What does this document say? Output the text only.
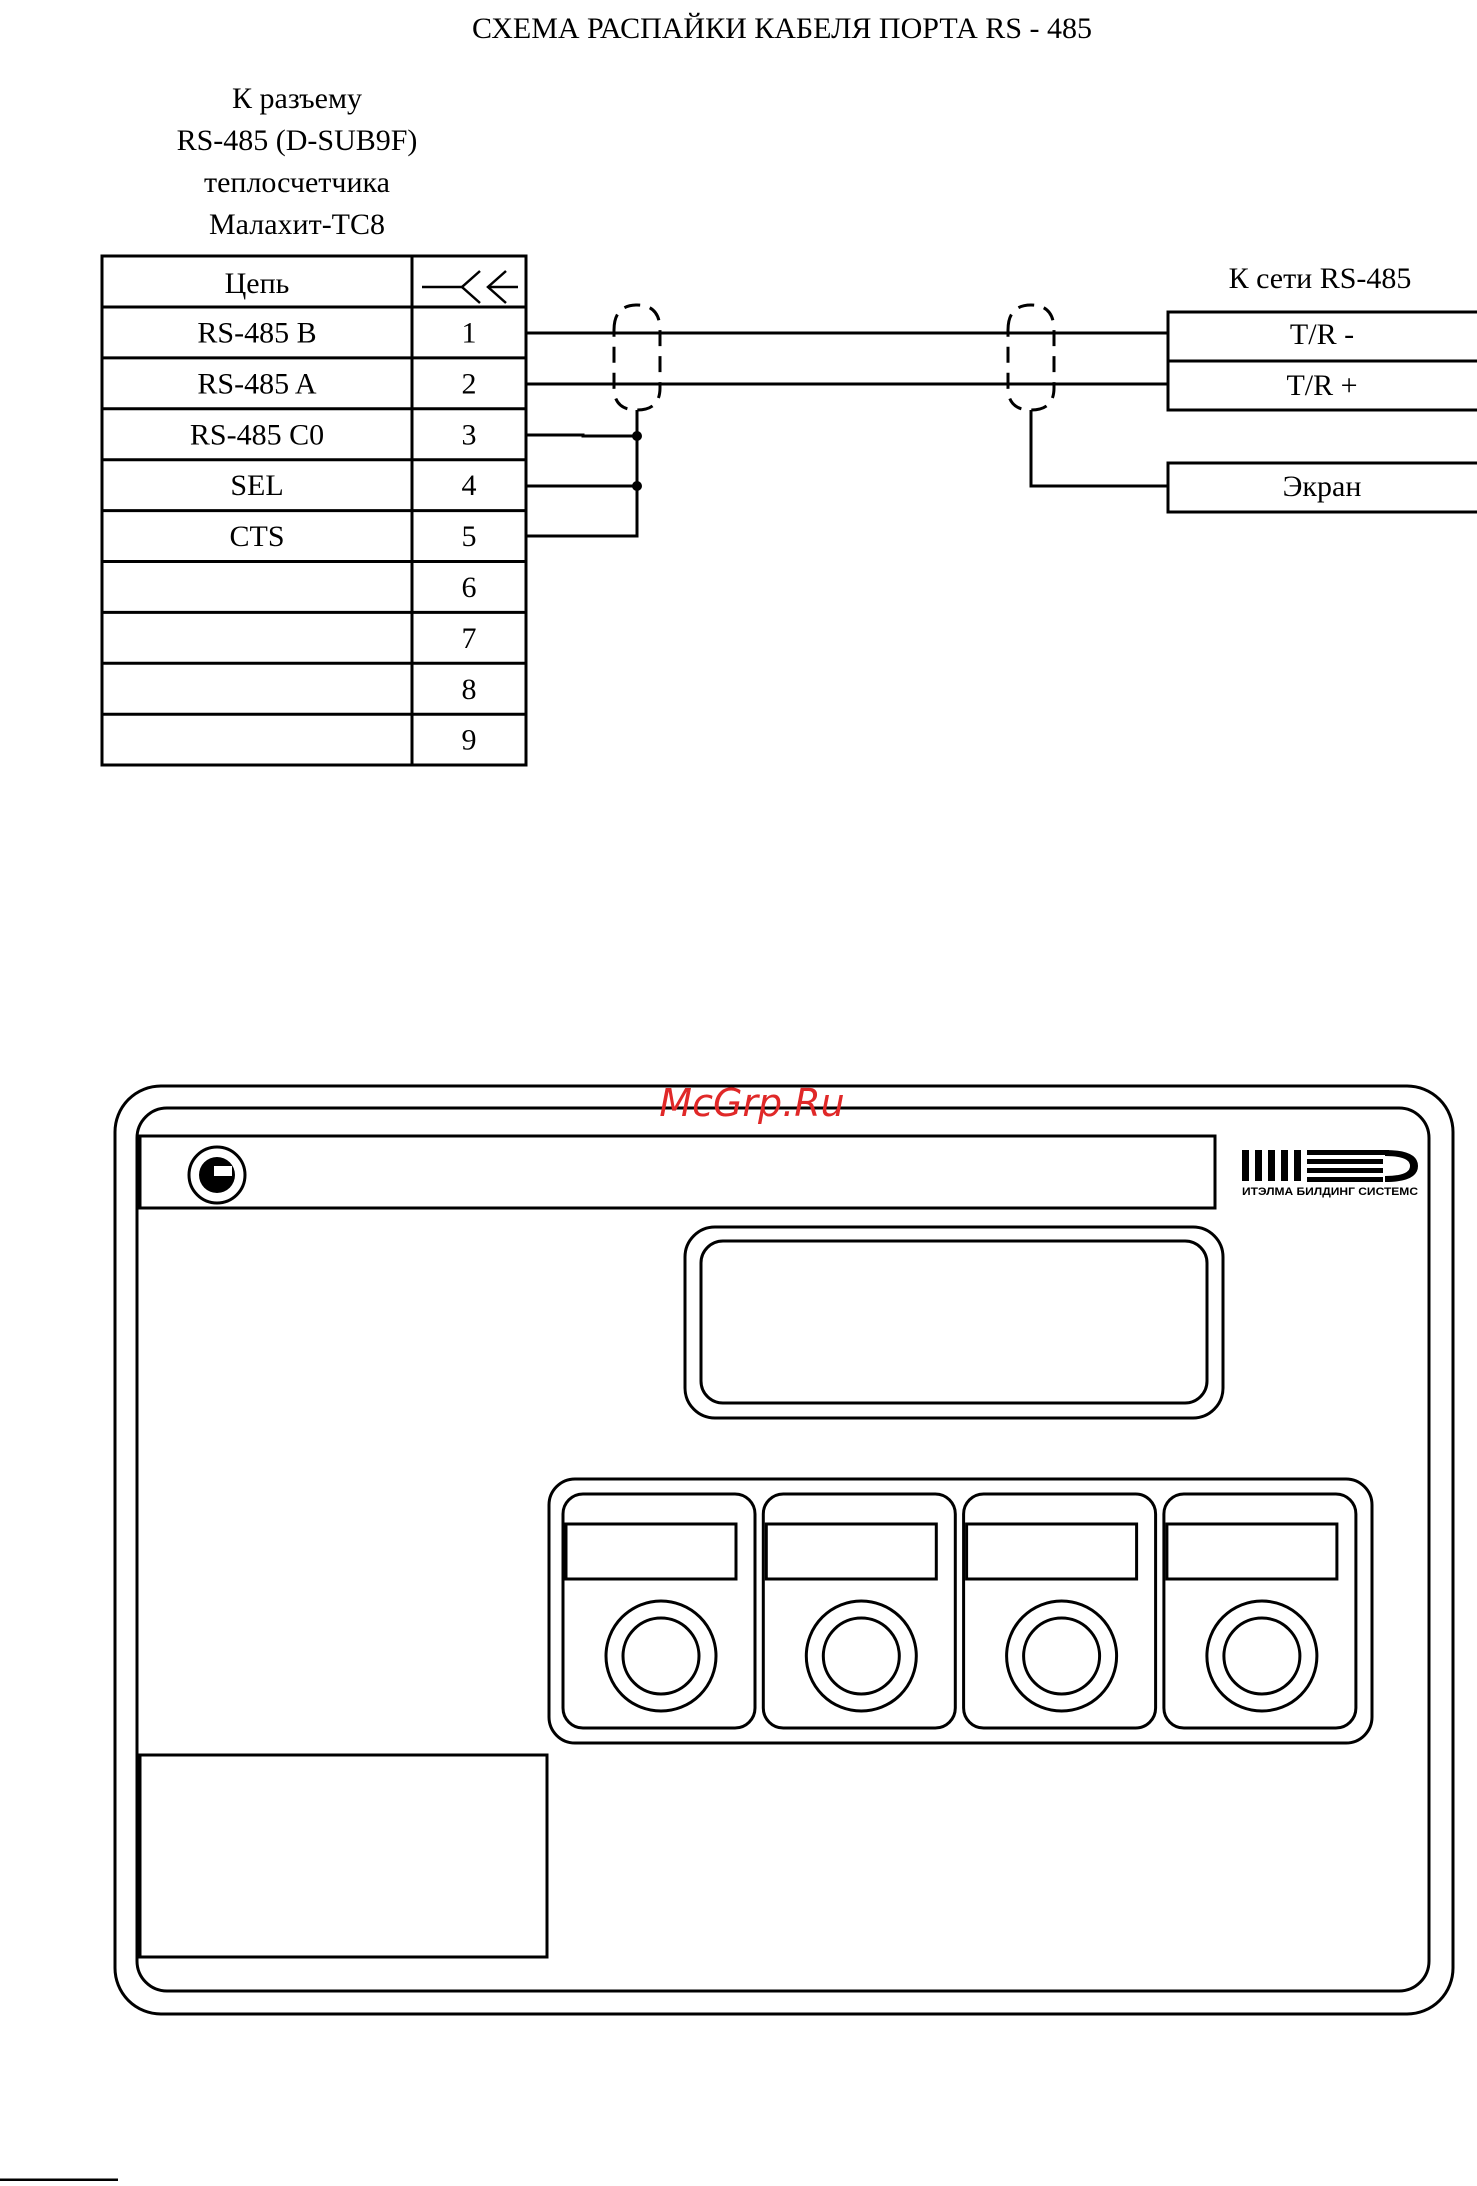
СХЕМА РАСПАЙКИ КАБЕЛЯ ПОРТА RS - 485
К разъему
RS-485 (D-SUB9F)
теплосчетчика
Малахит-ТС8
Цепь
RS-485 B	1
RS-485 A	2
RS-485 C0	3
SEL	4
CTS	5
6
7
8
9
К сети RS-485
T/R -
T/R +
Экран
ИТЭЛМА БИЛДИНГ СИСТЕМС
McGrp.Ru
